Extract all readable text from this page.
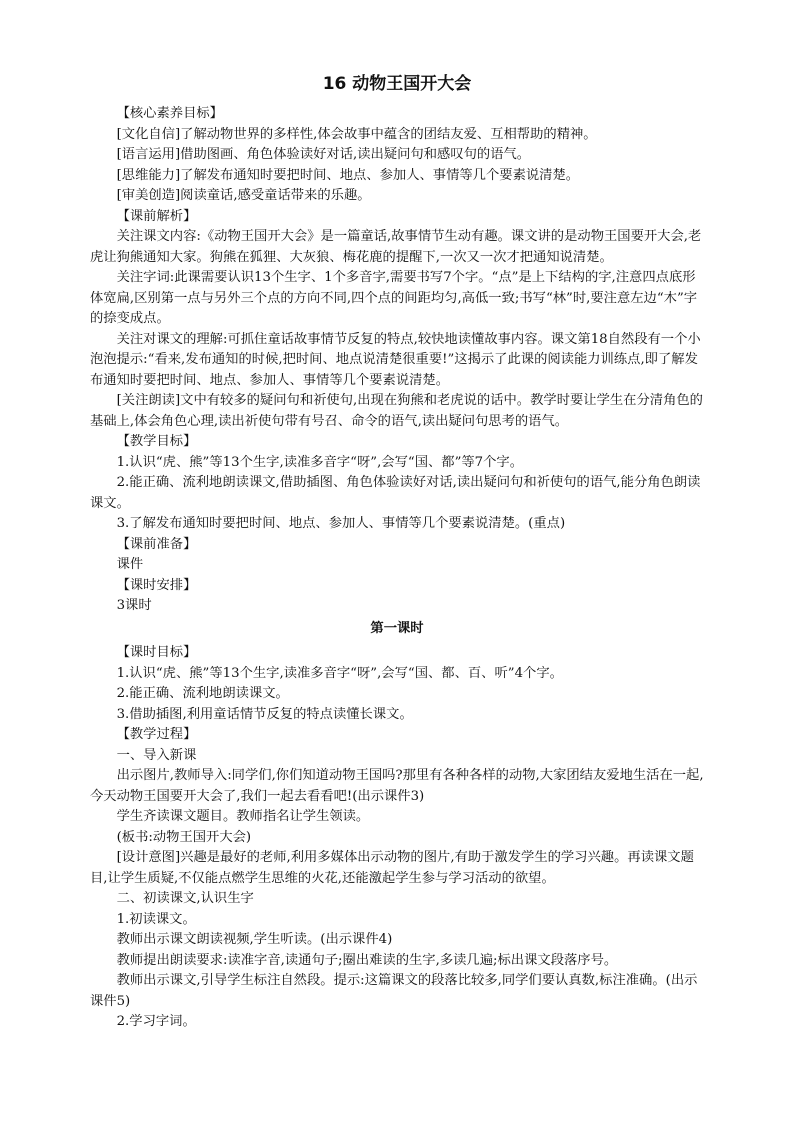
16 动物王国开大会

【核心素养目标】

[文化自信]了解动物世界的多样性,体会故事中蕴含的团结友爱、互相帮助的精神。

[语言运用]借助图画、角色体验读好对话,读出疑问句和感叹句的语气。

[思维能力]了解发布通知时要把时间、地点、参加人、事情等几个要素说清楚。

[审美创造]阅读童话,感受童话带来的乐趣。

【课前解析】

关注课文内容:《动物王国开大会》是一篇童话,故事情节生动有趣。课文讲的是动物王国要开大会,老虎让狗熊通知大家。狗熊在狐狸、大灰狼、梅花鹿的提醒下,一次又一次才把通知说清楚。

关注字词:此课需要认识13个生字、1个多音字,需要书写7个字。“点”是上下结构的字,注意四点底形体宽扁,区别第一点与另外三个点的方向不同,四个点的间距均匀,高低一致;书写“林”时,要注意左边“木”字的捺变成点。

关注对课文的理解:可抓住童话故事情节反复的特点,较快地读懂故事内容。课文第18自然段有一个小泡泡提示:“看来,发布通知的时候,把时间、地点说清楚很重要!”这揭示了此课的阅读能力训练点,即了解发布通知时要把时间、地点、参加人、事情等几个要素说清楚。

[关注朗读]文中有较多的疑问句和祈使句,出现在狗熊和老虎说的话中。教学时要让学生在分清角色的基础上,体会角色心理,读出祈使句带有号召、命令的语气,读出疑问句思考的语气。

【教学目标】

1.认识“虎、熊”等13个生字,读准多音字“呀”,会写“国、都”等7个字。

2.能正确、流利地朗读课文,借助插图、角色体验读好对话,读出疑问句和祈使句的语气,能分角色朗读课文。

3.了解发布通知时要把时间、地点、参加人、事情等几个要素说清楚。(重点)

【课前准备】

课件

【课时安排】

3课时

第一课时

【课时目标】

1.认识“虎、熊”等13个生字,读准多音字“呀”,会写“国、都、百、听”4个字。

2.能正确、流利地朗读课文。

3.借助插图,利用童话情节反复的特点读懂长课文。

【教学过程】

一、导入新课

出示图片,教师导入:同学们,你们知道动物王国吗?那里有各种各样的动物,大家团结友爱地生活在一起,今天动物王国要开大会了,我们一起去看看吧!(出示课件3)

学生齐读课文题目。教师指名让学生领读。

(板书:动物王国开大会)

[设计意图]兴趣是最好的老师,利用多媒体出示动物的图片,有助于激发学生的学习兴趣。再读课文题目,让学生质疑,不仅能点燃学生思维的火花,还能激起学生参与学习活动的欲望。

二、初读课文,认识生字

1.初读课文。

教师出示课文朗读视频,学生听读。(出示课件4)

教师提出朗读要求:读准字音,读通句子;圈出难读的生字,多读几遍;标出课文段落序号。

教师出示课文,引导学生标注自然段。提示:这篇课文的段落比较多,同学们要认真数,标注准确。(出示课件5)

2.学习字词。
